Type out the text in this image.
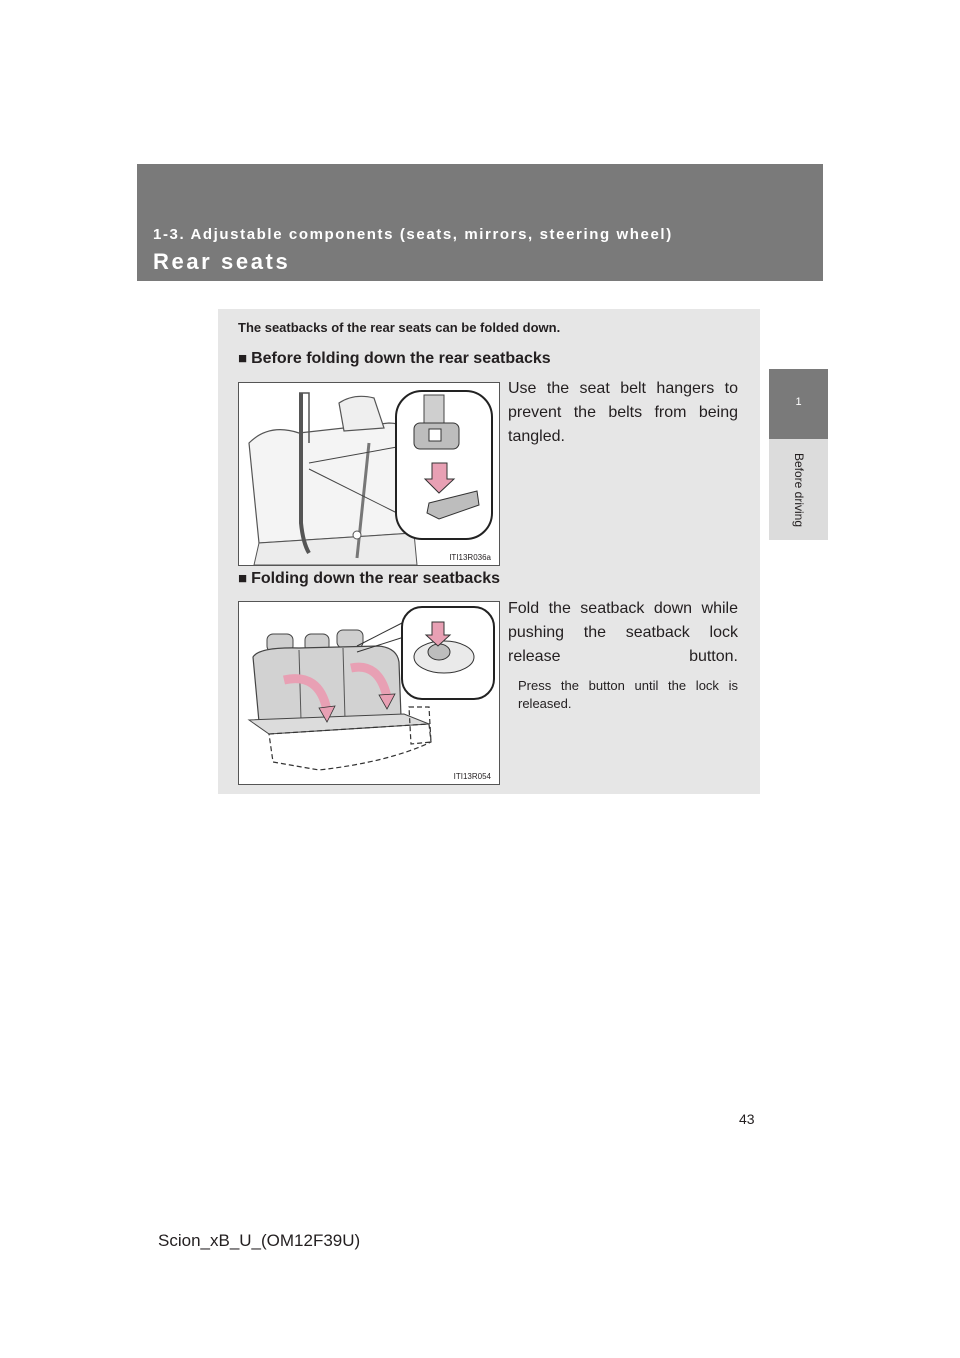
1-3. Adjustable components (seats, mirrors, steering wheel)
Rear seats
1
Before driving
The seatbacks of the rear seats can be folded down.
■ Before folding down the rear seatbacks
ITI13R036a
Use the seat belt hangers to prevent the belts from being tangled.
■ Folding down the rear seatbacks
ITI13R054
Fold the seatback down while pushing the seatback lock release button.
Press the button until the lock is released.
43
Scion_xB_U_(OM12F39U)
